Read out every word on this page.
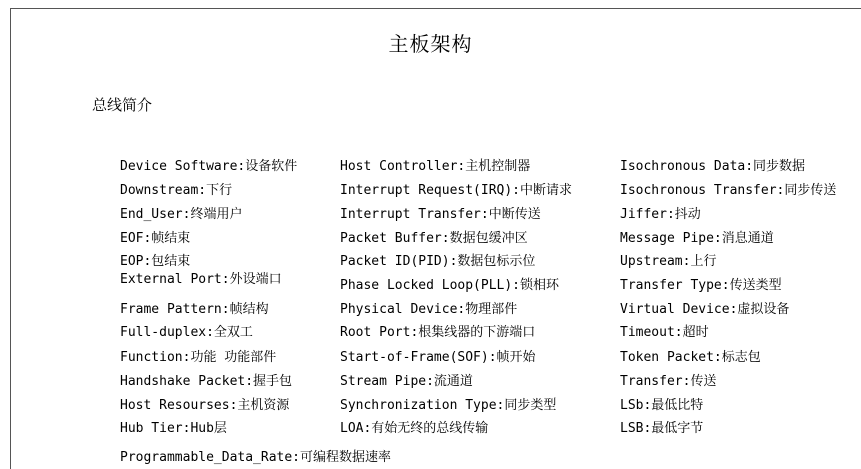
主板架构
总线简介
Device Software:设备软件
Downstream:下行
End_User:终端用户
EOF:帧结束
EOP:包结束
External Port:外设端口
Frame Pattern:帧结构
Full-duplex:全双工
Function:功能 功能部件
Handshake Packet:握手包
Host Resourses:主机资源
Hub Tier:Hub层
Host Controller:主机控制器
Interrupt Request(IRQ):中断请求
Interrupt Transfer:中断传送
Packet Buffer:数据包缓冲区
Packet ID(PID):数据包标示位
Phase Locked Loop(PLL):锁相环
Physical Device:物理部件
Root Port:根集线器的下游端口
Start-of-Frame(SOF):帧开始
Stream Pipe:流通道
Synchronization Type:同步类型
LOA:有始无终的总线传输
Isochronous Data:同步数据
Isochronous Transfer:同步传送
Jiffer:抖动
Message Pipe:消息通道
Upstream:上行
Transfer Type:传送类型
Virtual Device:虚拟设备
Timeout:超时
Token Packet:标志包
Transfer:传送
LSb:最低比特
LSB:最低字节
Programmable_Data_Rate:可编程数据速率
